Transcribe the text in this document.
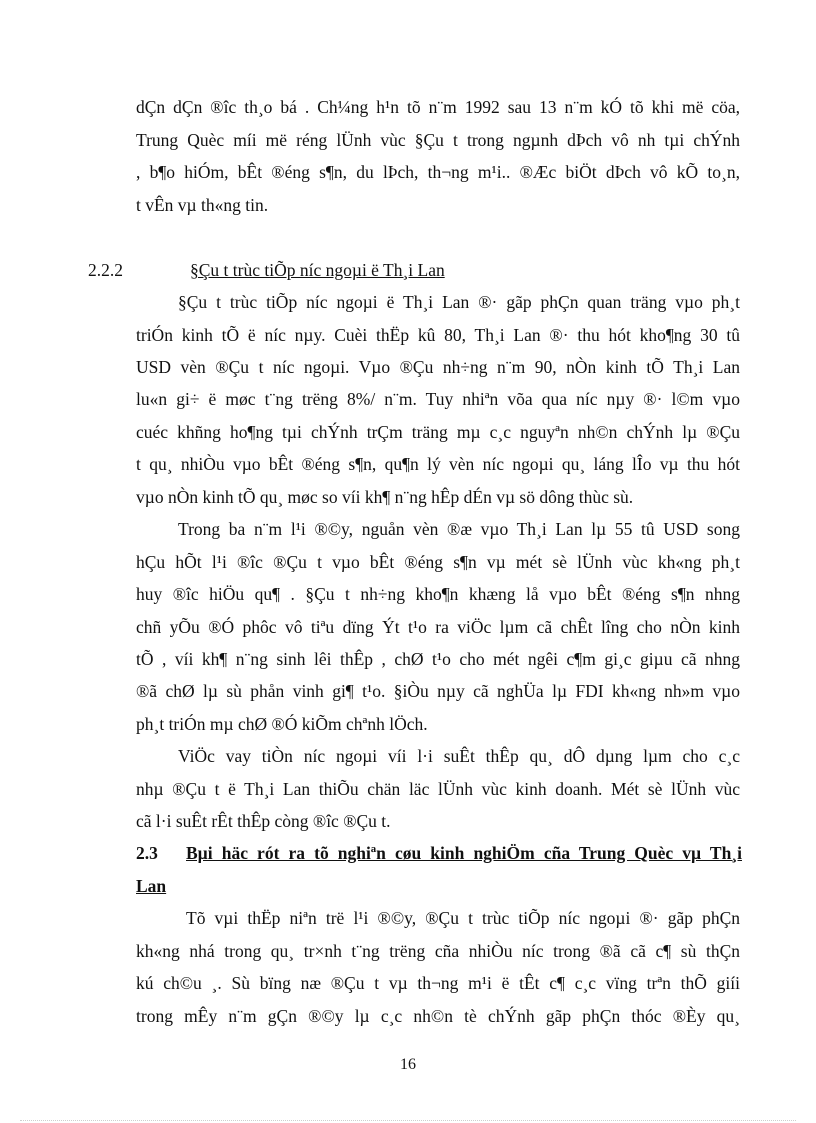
dÇn dÇn ®îc th¸o bá . Ch¼ng h¹n tõ n¨m 1992 sau 13 n¨m kÓ tõ khi më cöa,
Trung Quèc míi më réng lÜnh vùc §Çu t trong ngµnh dÞch vô nh tµi chÝnh
, b¶o hiÓm, bÊt ®éng s¶n, du lÞch, th¬ng m¹i.. ®Æc biÖt dÞch vô kÕ to¸n,
t vÊn vµ th«ng tin.
2.2.2	§Çu t trùc tiÕp níc ngoµi ë Th¸i Lan
§Çu t trùc tiÕp níc ngoµi ë Th¸i Lan ®· gãp phÇn quan träng vµo ph¸t
triÓn kinh tÕ ë níc nµy. Cuèi thËp kû 80, Th¸i Lan ®· thu hót kho¶ng 30 tû
USD vèn ®Çu t níc ngoµi. Vµo ®Çu nh÷ng n¨m 90, nÒn kinh tÕ Th¸i Lan
lu«n gi÷ ë møc t¨ng trëng 8%/ n¨m. Tuy nhiªn võa qua níc nµy ®· l©m vµo
cuéc khñng ho¶ng tµi chÝnh trÇm träng mµ c¸c nguyªn nh©n chÝnh lµ ®Çu
t qu¸ nhiÒu vµo bÊt ®éng s¶n, qu¶n lý vèn níc ngoµi qu¸ láng lÎo vµ thu hót
vµo nÒn kinh tÕ qu¸ møc so víi kh¶ n¨ng hÊp dÉn vµ sö dông thùc sù.
Trong ba n¨m l¹i ®©y, nguån vèn ®æ vµo Th¸i Lan lµ 55 tû USD song
hÇu hÕt l¹i ®îc ®Çu t vµo bÊt ®éng s¶n vµ mét sè lÜnh vùc kh«ng ph¸t
huy ®îc hiÖu qu¶ . §Çu t nh÷ng kho¶n khæng lå vµo bÊt ®éng s¶n nhng
chñ yÕu ®Ó phôc vô tiªu dïng Ýt t¹o ra viÖc lµm cã chÊt lîng cho nÒn kinh
tÕ , víi kh¶ n¨ng sinh lêi thÊp , chØ t¹o cho mét ngêi c¶m gi¸c giµu cã nhng
®ã chØ lµ sù phån vinh gi¶ t¹o. §iÒu nµy cã nghÜa lµ FDI kh«ng nh»m vµo
ph¸t triÓn mµ chØ ®Ó kiÕm chªnh lÖch.
ViÖc vay tiÒn níc ngoµi víi l·i suÊt thÊp qu¸ dÔ dµng lµm cho c¸c
nhµ ®Çu t ë Th¸i Lan thiÕu chän läc lÜnh vùc kinh doanh. Mét sè lÜnh vùc
cã l·i suÊt rÊt thÊp còng ®îc ®Çu t.
2.3 Bµi häc rót ra tõ nghiªn cøu kinh nghiÖm cña Trung Quèc vµ Th¸i
Lan
Tõ vµi thËp niªn trë l¹i ®©y, ®Çu t trùc tiÕp níc ngoµi ®· gãp phÇn
kh«ng nhá trong qu¸ tr×nh t¨ng trëng cña nhiÒu níc trong ®ã cã c¶ sù thÇn
kú ch©u ¸. Sù bïng næ ®Çu t vµ th¬ng m¹i ë tÊt c¶ c¸c vïng trªn thÕ giíi
trong mÊy n¨m gÇn ®©y lµ c¸c nh©n tè chÝnh gãp phÇn thóc ®Èy qu¸
16
